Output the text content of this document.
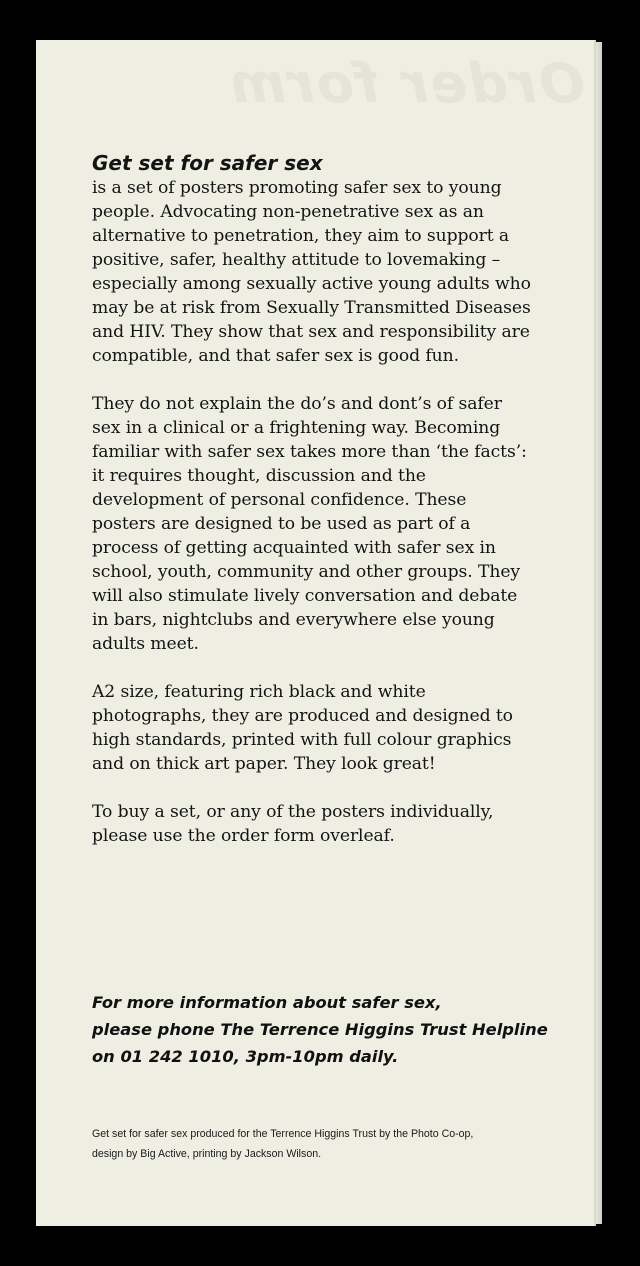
Order form
Get set for safer sex

is a set of posters promoting safer sex to young people. Advocating non-penetrative sex as an alternative to penetration, they aim to support a positive, safer, healthy attitude to lovemaking – especially among sexually active young adults who may be at risk from Sexually Transmitted Diseases and HIV. They show that sex and responsibility are compatible, and that safer sex is good fun.

They do not explain the do’s and dont’s of safer sex in a clinical or a frightening way. Becoming familiar with safer sex takes more than ‘the facts’: it requires thought, discussion and the development of personal confidence. These posters are designed to be used as part of a process of getting acquainted with safer sex in school, youth, community and other groups. They will also stimulate lively conversation and debate in bars, nightclubs and everywhere else young adults meet.

A2 size, featuring rich black and white photographs, they are produced and designed to high standards, printed with full colour graphics and on thick art paper. They look great!

To buy a set, or any of the posters individually, please use the order form overleaf.

For more information about safer sex,
please phone The Terrence Higgins Trust Helpline
on 01 242 1010, 3pm-10pm daily.
Get set for safer sex produced for the Terrence Higgins Trust by the Photo Co-op,
design by Big Active, printing by Jackson Wilson.
